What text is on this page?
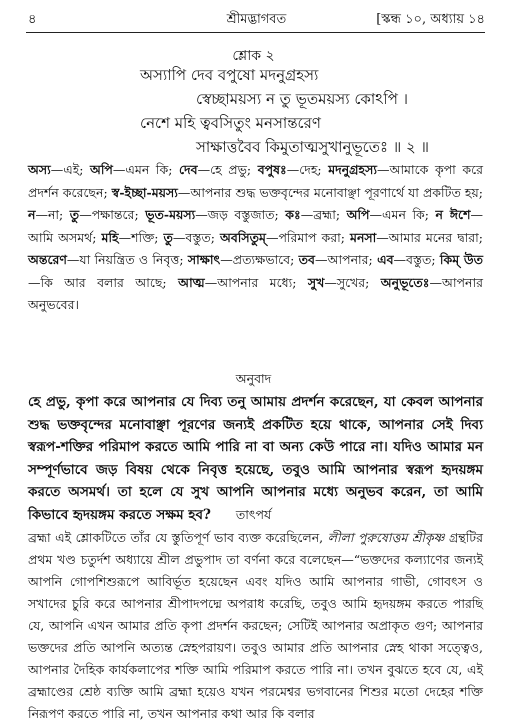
৪	শ্রীমদ্ভাগবত	[স্কন্ধ ১০, অধ্যায় ১৪
শ্লোক ২
অস্যাপি দেব বপুষো মদনুগ্রহস্য
স্বেচ্ছাময়স্য ন তু ভূতময়স্য কোঽপি ।
নেশে মহি ত্ববসিতুং মনসান্তরেণ
সাক্ষাত্তবৈব কিমুতাত্মসুখানুভূতেঃ ॥ ২ ॥
অস্য—এই; অপি—এমন কি; দেব—হে প্রভু; বপুষঃ—দেহ; মদনুগ্রহস্য—আমাকে কৃপা করে প্রদর্শন করেছেন; স্ব-ইচ্ছা-ময়স্য—আপনার শুদ্ধ ভক্তবৃন্দের মনোবাঞ্ছা পূরণার্থে যা প্রকটিত হয়; ন—না; তু—পক্ষান্তরে; ভূত-ময়স্য—জড় বস্তুজাত; কঃ—ব্রহ্মা; অপি—এমন কি; ন ঈশে—আমি অসমর্থ; মহি—শক্তি; তু—বস্তুত; অবসিতুম্—পরিমাপ করা; মনসা—আমার মনের দ্বারা; অন্তরেণ—যা নিয়ন্ত্রিত ও নিবৃত্ত; সাক্ষাৎ—প্রত্যক্ষভাবে; তব—আপনার; এব—বস্তুত; কিম্ উত—কি আর বলার আছে; আত্ম—আপনার মধ্যে; সুখ—সুখের; অনুভূতেঃ—আপনার অনুভবের।
অনুবাদ
হে প্রভু, কৃপা করে আপনার যে দিব্য তনু আমায় প্রদর্শন করেছেন, যা কেবল আপনার শুদ্ধ ভক্তবৃন্দের মনোবাঞ্ছা পূরণের জন্যই প্রকটিত হয়ে থাকে, আপনার সেই দিব্য স্বরূপ-শক্তির পরিমাপ করতে আমি পারি না বা অন্য কেউ পারে না। যদিও আমার মন সম্পূর্ণভাবে জড় বিষয় থেকে নিবৃত্ত হয়েছে, তবুও আমি আপনার স্বরূপ হৃদয়ঙ্গম করতে অসমর্থ। তা হলে যে সুখ আপনি আপনার মধ্যে অনুভব করেন, তা আমি কিভাবে হৃদয়ঙ্গম করতে সক্ষম হব?	তাৎপর্য
ব্রহ্মা এই শ্লোকটিতে তাঁর যে স্তুতিপূর্ণ ভাব ব্যক্ত করেছিলেন, লীলা পুরুষোত্তম শ্রীকৃষ্ণ গ্রন্থটির প্রথম খণ্ড চতুর্দশ অধ্যায়ে শ্রীল প্রভুপাদ তা বর্ণনা করে বলেছেন—“ভক্তদের কল্যাণের জন্যই আপনি গোপশিশুরূপে আবির্ভূত হয়েছেন এবং যদিও আমি আপনার গাভী, গোবৎস ও সখাদের চুরি করে আপনার শ্রীপাদপদ্মে অপরাধ করেছি, তবুও আমি হৃদয়ঙ্গম করতে পারছি যে, আপনি এখন আমার প্রতি কৃপা প্রদর্শন করছেন; সেটিই আপনার অপ্রাকৃত গুণ; আপনার ভক্তদের প্রতি আপনি অত্যন্ত স্নেহপরায়ণ। তবুও আমার প্রতি আপনার স্নেহ থাকা সত্ত্বেও, আপনার দৈহিক কার্যকলাপের শক্তি আমি পরিমাপ করতে পারি না। তখন বুঝতে হবে যে, এই ব্রহ্মাণ্ডের শ্রেষ্ঠ ব্যক্তি আমি ব্রহ্মা হয়েও যখন পরমেশ্বর ভগবানের শিশুর মতো দেহের শক্তি নিরূপণ করতে পারি না, তখন আপনার কথা আর কি বলার
